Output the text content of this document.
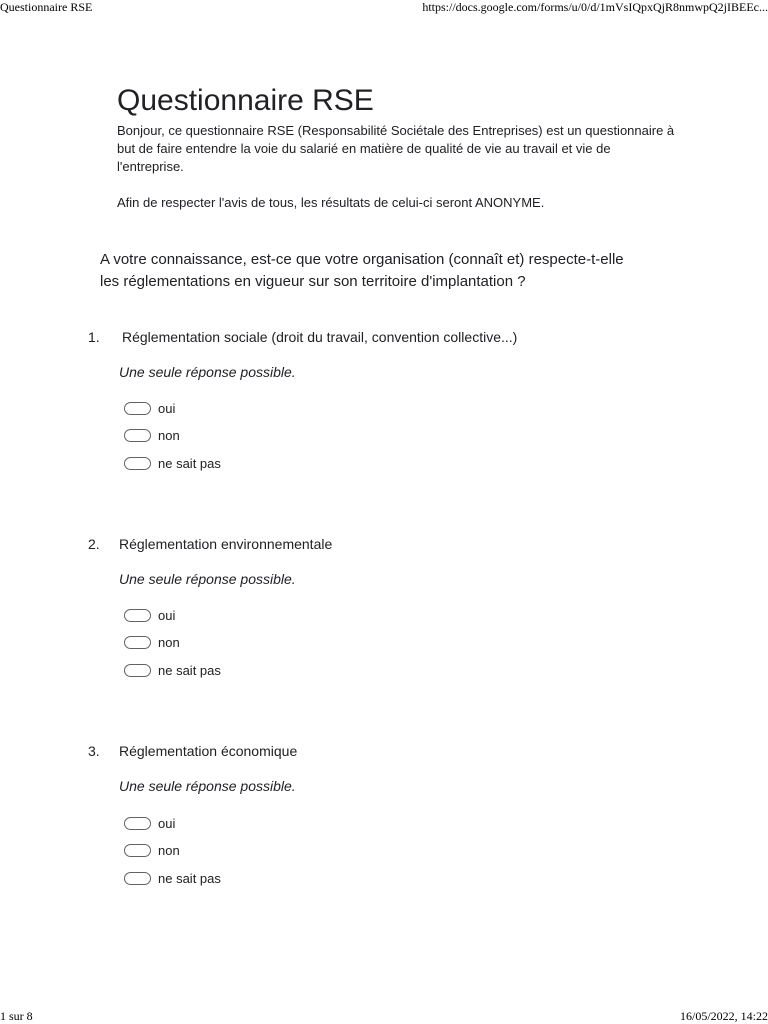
Questionnaire RSE	https://docs.google.com/forms/u/0/d/1mVsIQpxQjR8nmwpQ2jIBEEc...
Questionnaire RSE

Bonjour, ce questionnaire RSE (Responsabilité Sociétale des Entreprises) est un questionnaire à but de faire entendre la voie du salarié en matière de qualité de vie au travail et vie de l'entreprise.

Afin de respecter l'avis de tous, les résultats de celui-ci seront ANONYME.

A votre connaissance, est-ce que votre organisation (connaît et) respecte-t-elle les réglementations en vigueur sur son territoire d'implantation ?
1. Réglementation sociale (droit du travail, convention collective...)
Une seule réponse possible.
oui
non
ne sait pas
2. Réglementation environnementale
Une seule réponse possible.
oui
non
ne sait pas
3. Réglementation économique
Une seule réponse possible.
oui
non
ne sait pas
1 sur 8	16/05/2022, 14:22
